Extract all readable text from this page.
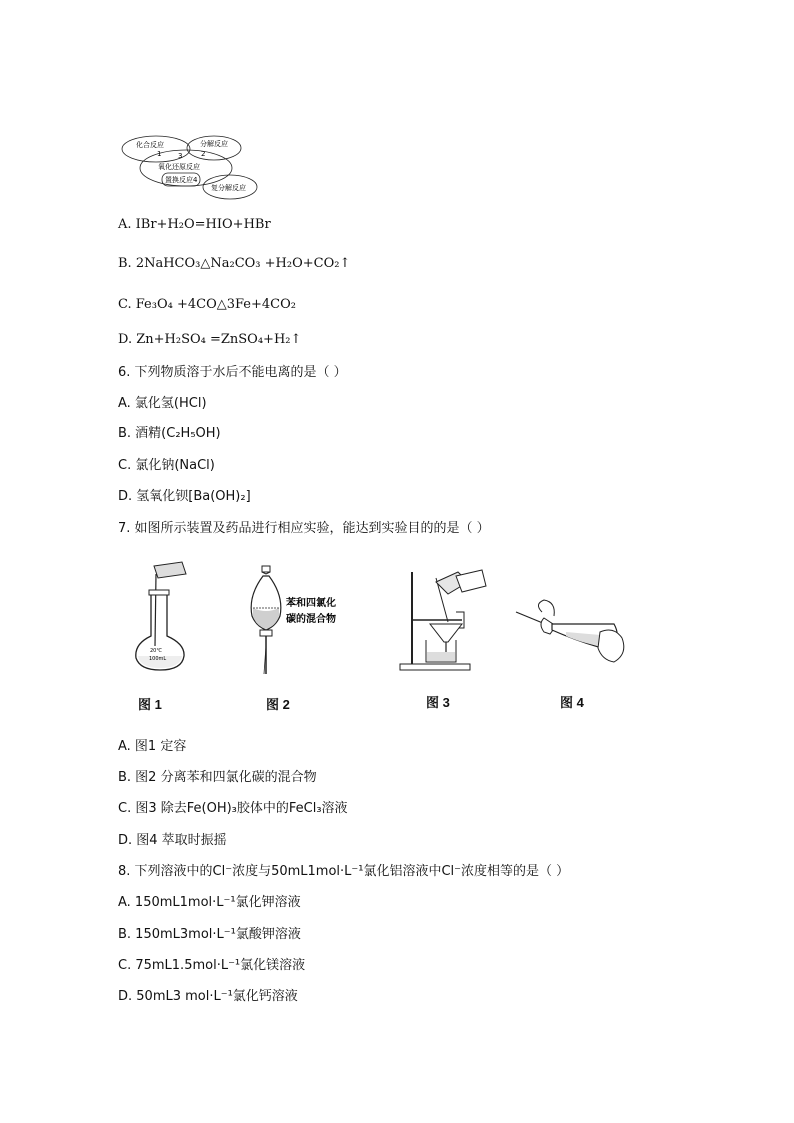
化合反应	分解反应
1 3	2
氧化还原反应
置换反应4
复分解反应
A. IBr+H₂O=HIO+HBr
B. 2NaHCO₃△Na₂CO₃ +H₂O+CO₂↑
C. Fe₃O₄ +4CO△3Fe+4CO₂
D. Zn+H₂SO₄ =ZnSO₄+H₂↑
6. 下列物质溶于水后不能电离的是（ ）
A. 氯化氢(HCl)
B. 酒精(C₂H₅OH)
C. 氯化钠(NaCl)
D. 氢氧化钡[Ba(OH)₂]
7. 如图所示装置及药品进行相应实验，能达到实验目的的是（ ）
20℃
100mL
苯和四氯化
碳的混合物
图 1	图 2	图 3	图 4
A. 图1 定容
B. 图2 分离苯和四氯化碳的混合物
C. 图3 除去Fe(OH)₃胶体中的FeCl₃溶液
D. 图4 萃取时振摇
8. 下列溶液中的Cl⁻浓度与50mL1mol·L⁻¹氯化铝溶液中Cl⁻浓度相等的是（ ）
A. 150mL1mol·L⁻¹氯化钾溶液
B. 150mL3mol·L⁻¹氯酸钾溶液
C. 75mL1.5mol·L⁻¹氯化镁溶液
D. 50mL3 mol·L⁻¹氯化钙溶液
